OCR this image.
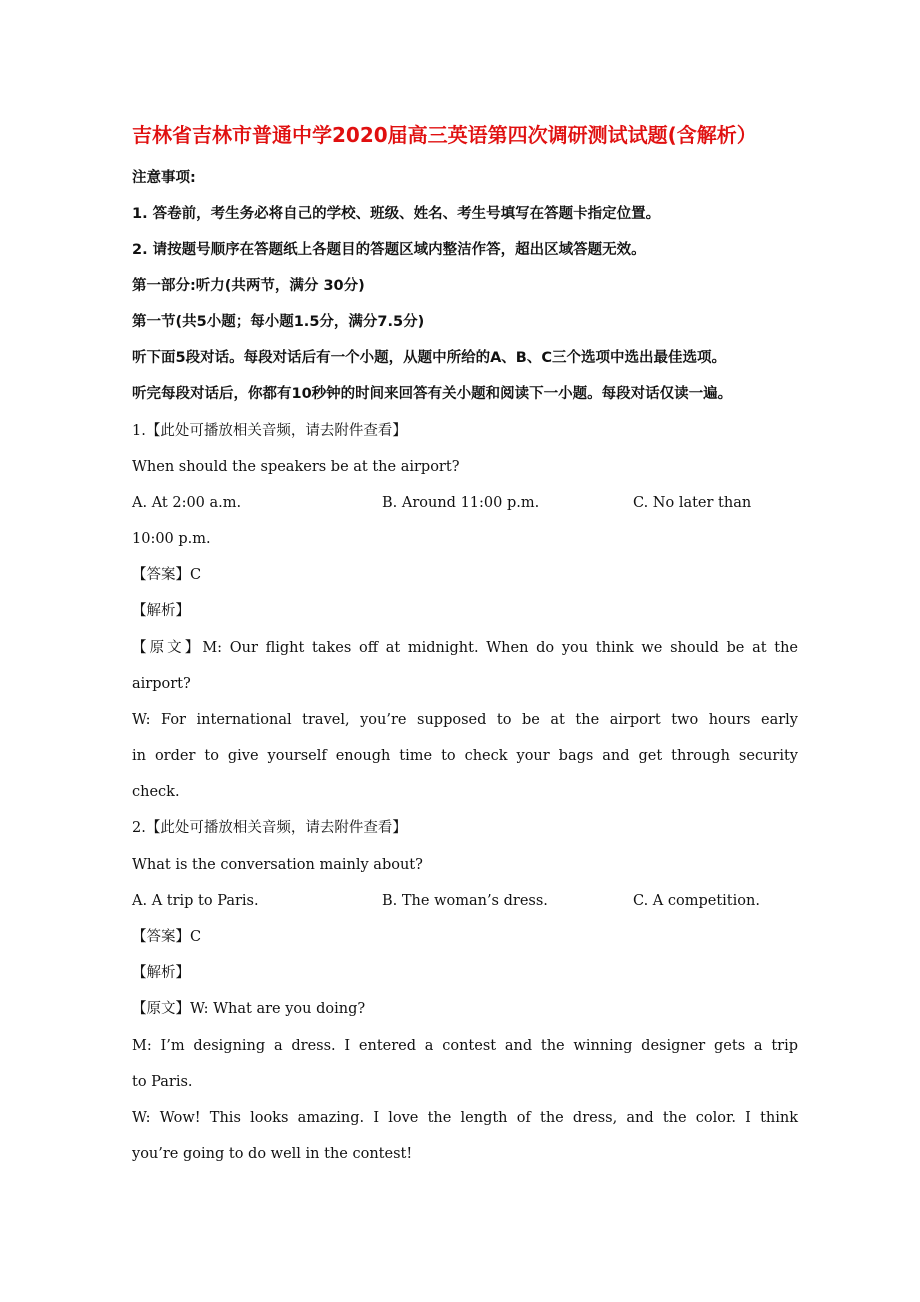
吉林省吉林市普通中学2020届高三英语第四次调研测试试题(含解析）
注意事项:
1. 答卷前，考生务必将自己的学校、班级、姓名、考生号填写在答题卡指定位置。
2. 请按题号顺序在答题纸上各题目的答题区域内整洁作答，超出区域答题无效。
第一部分:听力(共两节，满分 30分)
第一节(共5小题；每小题1.5分，满分7.5分)
听下面5段对话。每段对话后有一个小题，从题中所给的A、B、C三个选项中选出最佳选项。
听完每段对话后，你都有10秒钟的时间来回答有关小题和阅读下一小题。每段对话仅读一遍。
1.【此处可播放相关音频，请去附件查看】
When should the speakers be at the airport?
A. At 2:00 a.m.	B. Around 11:00 p.m.	C. No later than
10:00 p.m.
【答案】C
【解析】
【原文】M: Our flight takes off at midnight. When do you think we should be at the
airport?
W: For international travel, you’re supposed to be at the airport two hours early
in order to give yourself enough time to check your bags and get through security
check.
2.【此处可播放相关音频，请去附件查看】
What is the conversation mainly about?
A. A trip to Paris.	B. The woman’s dress.	C. A competition.
【答案】C
【解析】
【原文】W: What are you doing?
M: I’m designing a dress. I entered a contest and the winning designer gets a trip
to Paris.
W: Wow! This looks amazing. I love the length of the dress, and the color. I think
you’re going to do well in the contest!
